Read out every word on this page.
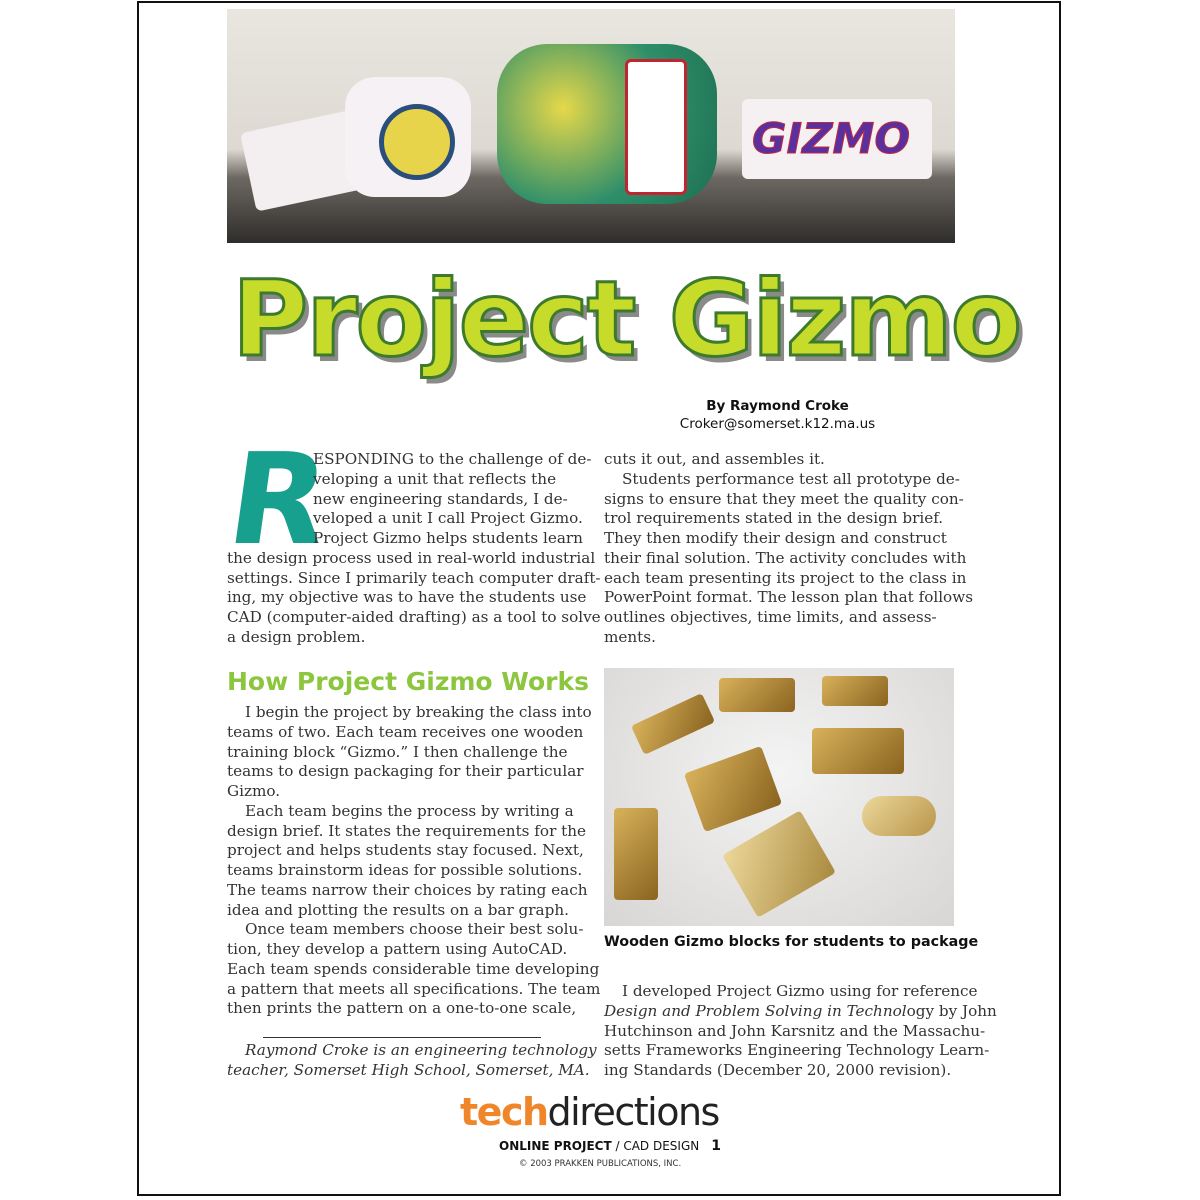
GIZMO
Project Gizmo
By Raymond Croke
Croker@somerset.k12.ma.us
R
ESPONDING to the challenge of de-
veloping a unit that reflects the
new engineering standards, I de-
veloped a unit I call Project Gizmo.
Project Gizmo helps students learn
the design process used in real-world industrial
settings. Since I primarily teach computer draft-
ing, my objective was to have the students use
CAD (computer-aided drafting) as a tool to solve
a design problem.
How Project Gizmo Works
I begin the project by breaking the class into
teams of two. Each team receives one wooden
training block “Gizmo.” I then challenge the
teams to design packaging for their particular
Gizmo.
Each team begins the process by writing a
design brief. It states the requirements for the
project and helps students stay focused. Next,
teams brainstorm ideas for possible solutions.
The teams narrow their choices by rating each
idea and plotting the results on a bar graph.
Once team members choose their best solu-
tion, they develop a pattern using AutoCAD.
Each team spends considerable time developing
a pattern that meets all specifications. The team
then prints the pattern on a one-to-one scale,
Raymond Croke is an engineering technology
teacher, Somerset High School, Somerset, MA.
cuts it out, and assembles it.
Students performance test all prototype de-
signs to ensure that they meet the quality con-
trol requirements stated in the design brief.
They then modify their design and construct
their final solution. The activity concludes with
each team presenting its project to the class in
PowerPoint format. The lesson plan that follows
outlines objectives, time limits, and assess-
ments.
Wooden Gizmo blocks for students to package
I developed Project Gizmo using for reference
Design and Problem Solving in Technology by John
Hutchinson and John Karsnitz and the Massachu-
setts Frameworks Engineering Technology Learn-
ing Standards (December 20, 2000 revision).
techdirections
ONLINE PROJECT / CAD DESIGN 1
© 2003 PRAKKEN PUBLICATIONS, INC.
